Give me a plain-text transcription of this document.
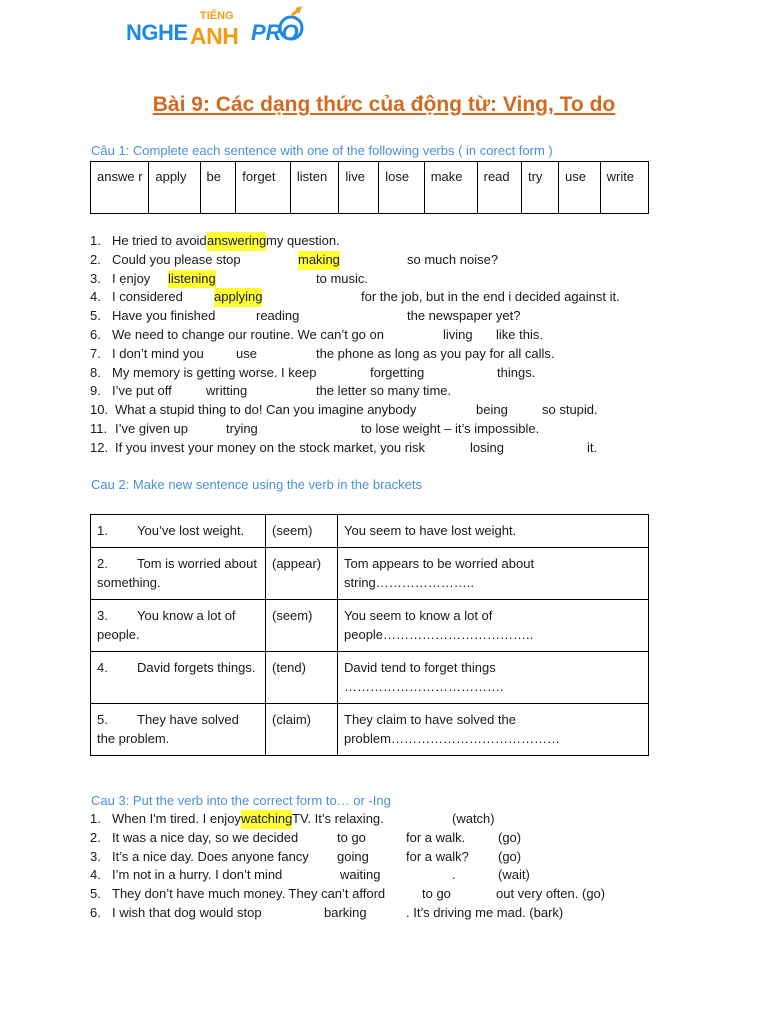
NGHE
TIẾNG
ANH PRO
Bài 9: Các dạng thức của động từ: Ving, To do
Câu 1: Complete each sentence with one of the following verbs ( in corect form )
answe r	apply	be	forget	listen	live	lose	make	read	try	use	write
1. He tried to avoid answering my question.
2. Could you please stop	making	so much noise?
3. I ẹnjoy listening	to music.
4. I considered applying	for the job, but in the end i decided against it.
5. Have you finished	reading	the newspaper yet?
6. We need to change our routine. We can’t go on	living like this.
7. I don’t mind you use	the phone as long as you pay for all calls.
8. My memory is getting worse. I keep	forgetting	things.
9. I’ve put off	writting	the letter so many time.
10. What a stupid thing to do! Can you imagine anybody	being	so stupid.
11. I’ve given up	trying	to lose weight – it’s impossible.
12. If you invest your money on the stock market, you risk	losing	it.
Cau 2: Make new sentence using the verb in the brackets
1. You’ve lost weight.	(seem)	You seem to have lost weight.
2. Tom is worried about something.	(appear)	Tom appears to be worried about string…………………..
3. You know a lot of people.	(seem)	You seem to know a lot of people……………………………..
4. David forgets things.	(tend)	David tend to forget things ……………………………….
5. They have solved the problem.	(claim)	They claim to have solved the problem…………………………………
Cau 3: Put the verb into the correct form to… or -Ing
1. When I'm tired. I enjoy watching TV. It’s relaxing.	(watch)
2. It was a nice day, so we decided	to go	for a walk.	(go)
3. It’s a nice day. Does anyone fancy going	for a walk? (go)
4. I’m not in a hurry. I don’t mind	waiting	.	(wait)
5. They don’t have much money. They can’t afford	to go	out very often. (go)
6. I wish that dog would stop	barking	. It’s driving me mad. (bark)
